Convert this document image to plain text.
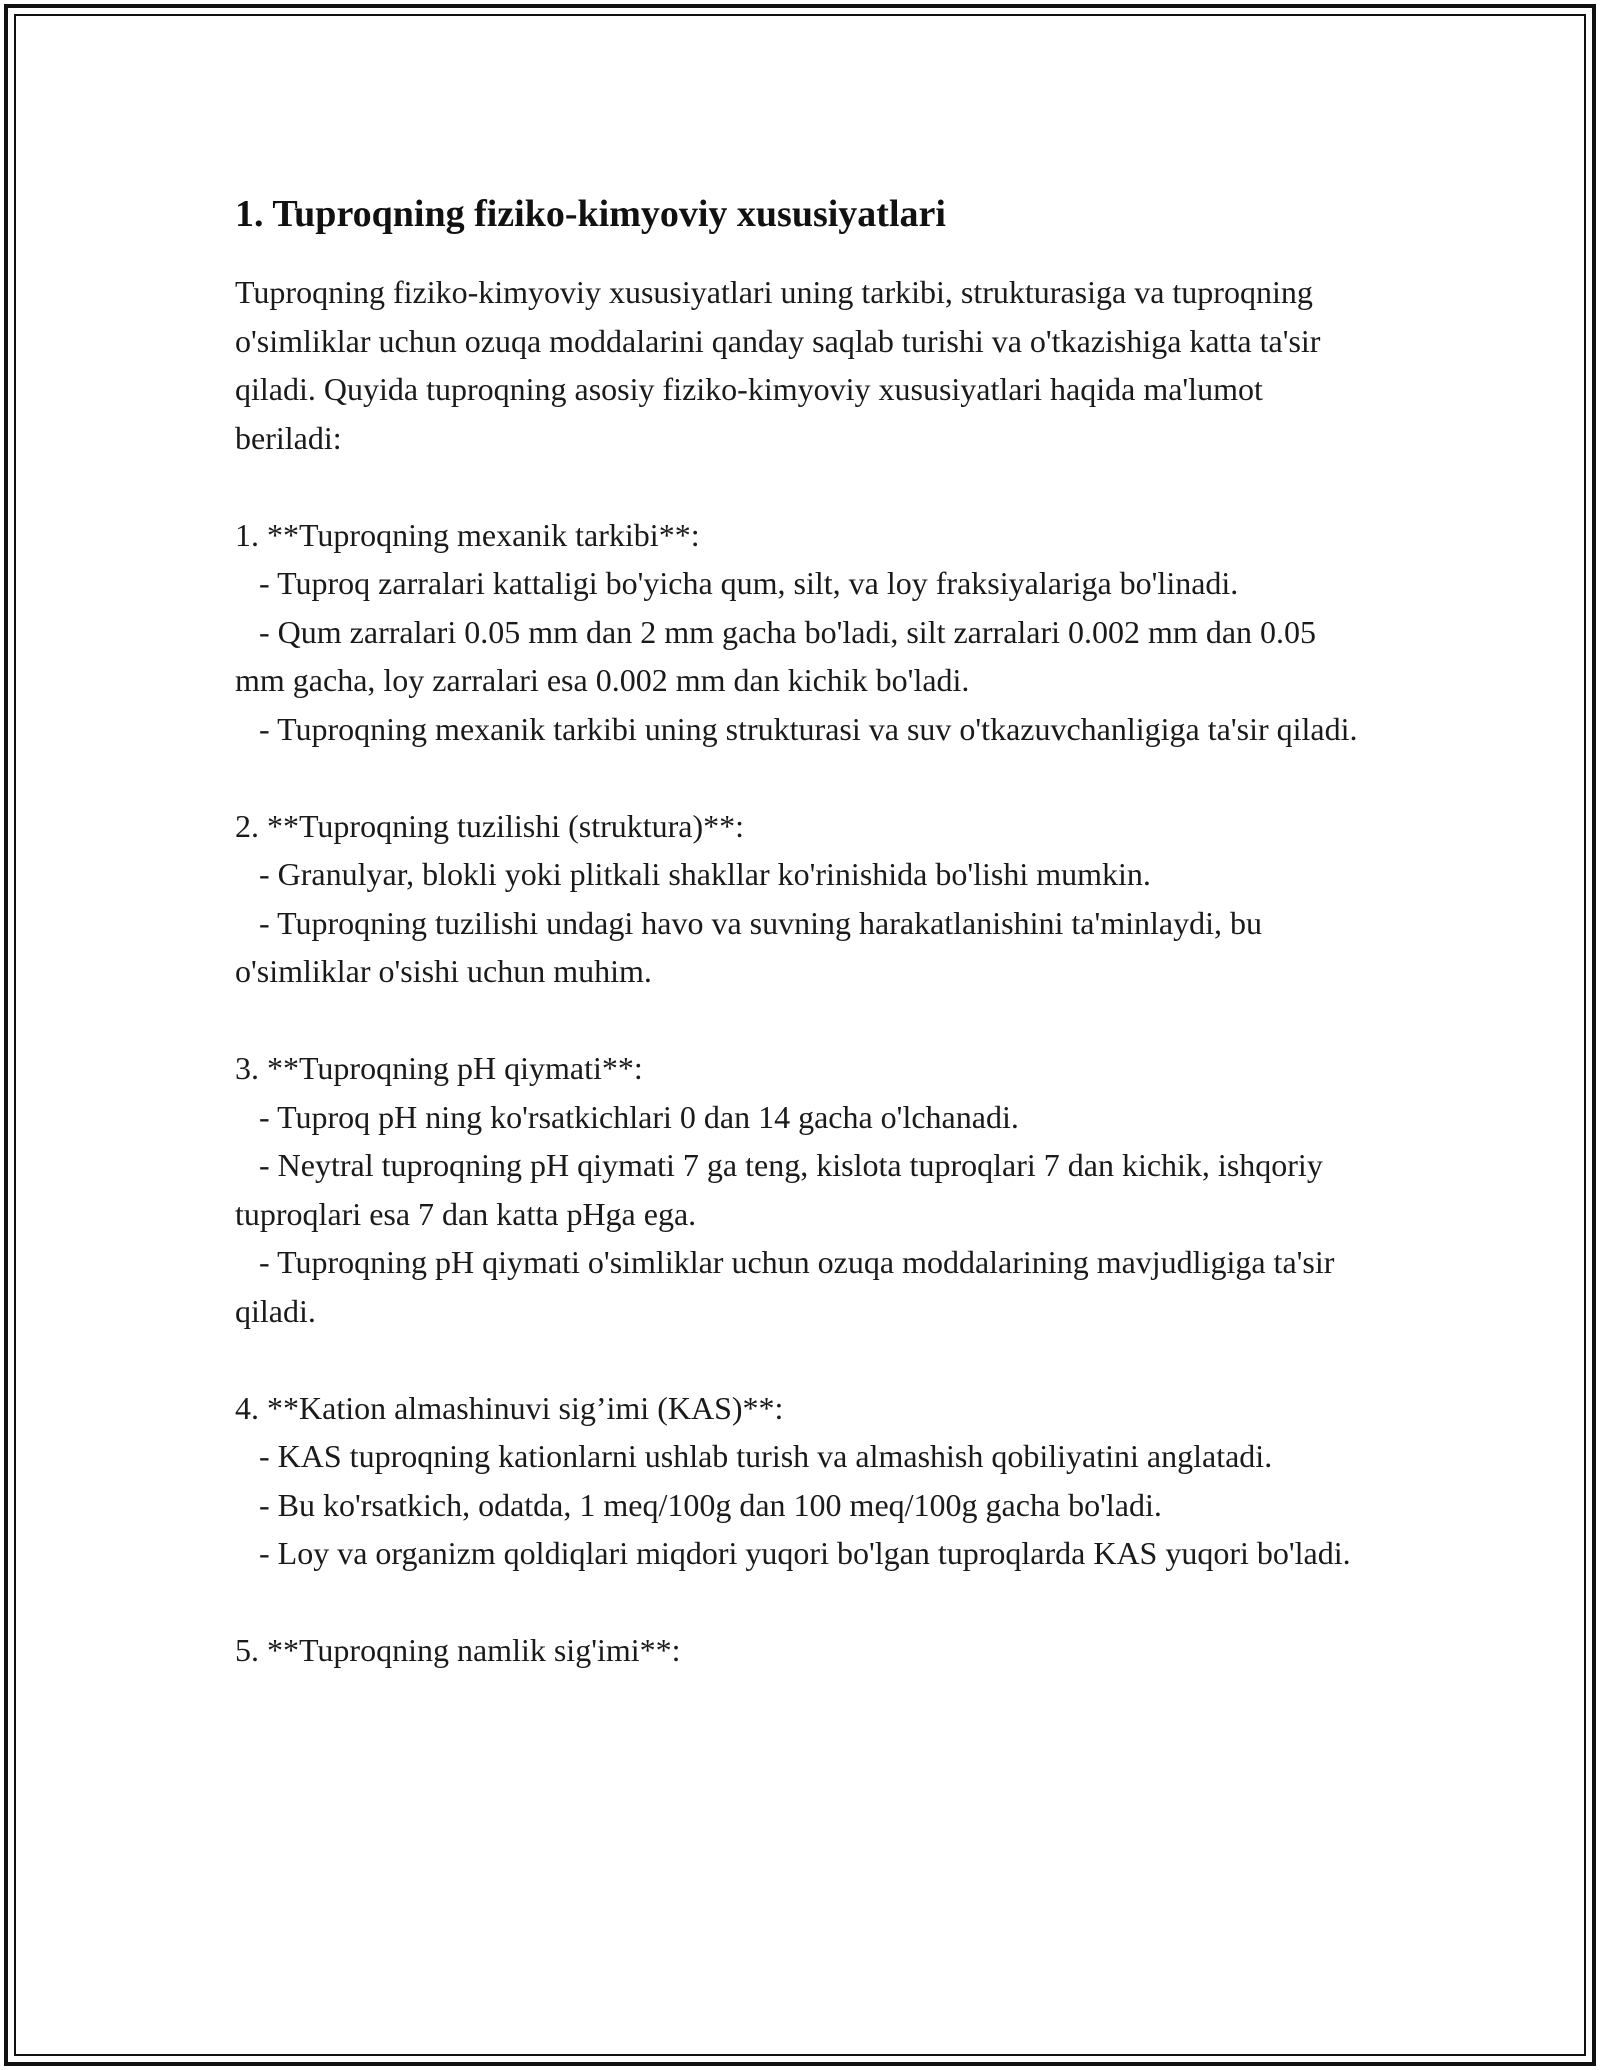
1. Tuproqning fiziko-kimyoviy xususiyatlari

Tuproqning fiziko-kimyoviy xususiyatlari uning tarkibi, strukturasiga va tuproqning o'simliklar uchun ozuqa moddalarini qanday saqlab turishi va o'tkazishiga katta ta'sir qiladi. Quyida tuproqning asosiy fiziko-kimyoviy xususiyatlari haqida ma'lumot beriladi:

1. **Tuproqning mexanik tarkibi**:

- Tuproq zarralari kattaligi bo'yicha qum, silt, va loy fraksiyalariga bo'linadi.

- Qum zarralari 0.05 mm dan 2 mm gacha bo'ladi, silt zarralari 0.002 mm dan 0.05 mm gacha, loy zarralari esa 0.002 mm dan kichik bo'ladi.

- Tuproqning mexanik tarkibi uning strukturasi va suv o'tkazuvchanligiga ta'sir qiladi.

2. **Tuproqning tuzilishi (struktura)**:

- Granulyar, blokli yoki plitkali shakllar ko'rinishida bo'lishi mumkin.

- Tuproqning tuzilishi undagi havo va suvning harakatlanishini ta'minlaydi, bu o'simliklar o'sishi uchun muhim.

3. **Tuproqning pH qiymati**:

- Tuproq pH ning ko'rsatkichlari 0 dan 14 gacha o'lchanadi.

- Neytral tuproqning pH qiymati 7 ga teng, kislota tuproqlari 7 dan kichik, ishqoriy tuproqlari esa 7 dan katta pHga ega.

- Tuproqning pH qiymati o'simliklar uchun ozuqa moddalarining mavjudligiga ta'sir qiladi.

4. **Kation almashinuvi sig’imi (KAS)**:

- KAS tuproqning kationlarni ushlab turish va almashish qobiliyatini anglatadi.

- Bu ko'rsatkich, odatda, 1 meq/100g dan 100 meq/100g gacha bo'ladi.

- Loy va organizm qoldiqlari miqdori yuqori bo'lgan tuproqlarda KAS yuqori bo'ladi.

5. **Tuproqning namlik sig'imi**:
